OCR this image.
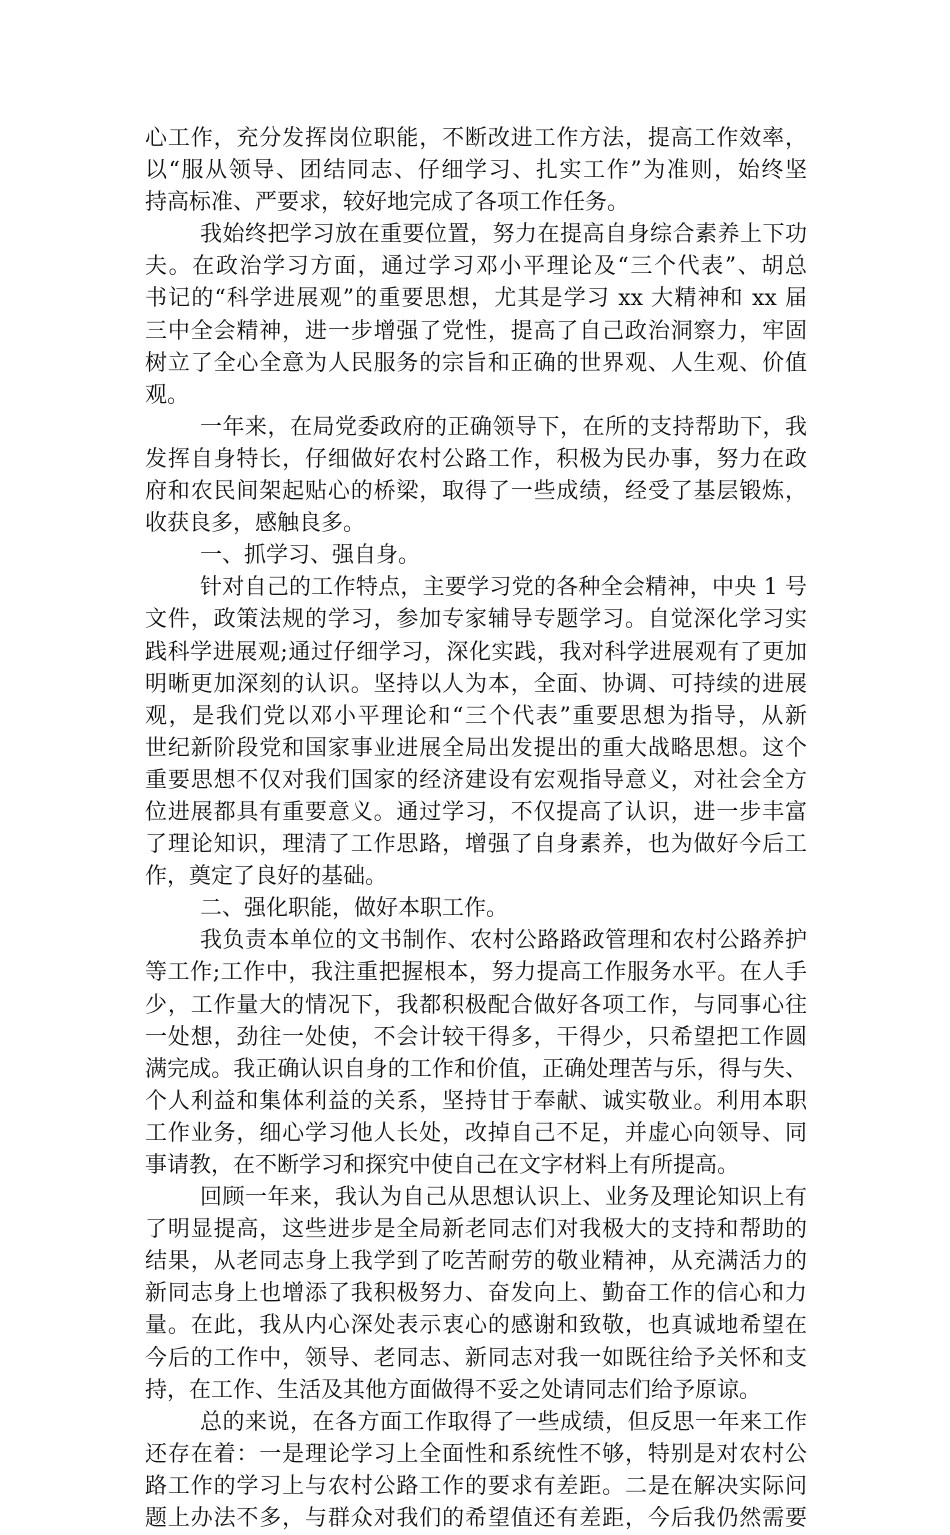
心工作，充分发挥岗位职能，不断改进工作方法，提高工作效率，
以“服从领导、团结同志、仔细学习、扎实工作”为准则，始终坚
持高标准、严要求，较好地完成了各项工作任务。
我始终把学习放在重要位置，努力在提高自身综合素养上下功
夫。在政治学习方面，通过学习邓小平理论及“三个代表”、胡总
书记的“科学进展观”的重要思想，尤其是学习 xx 大精神和 xx 届
三中全会精神，进一步增强了党性，提高了自己政治洞察力，牢固
树立了全心全意为人民服务的宗旨和正确的世界观、人生观、价值
观。
一年来，在局党委政府的正确领导下，在所的支持帮助下，我
发挥自身特长，仔细做好农村公路工作，积极为民办事，努力在政
府和农民间架起贴心的桥梁，取得了一些成绩，经受了基层锻炼，
收获良多，感触良多。
一、抓学习、强自身。
针对自己的工作特点，主要学习党的各种全会精神，中央 1 号
文件，政策法规的学习，参加专家辅导专题学习。自觉深化学习实
践科学进展观;通过仔细学习，深化实践，我对科学进展观有了更加
明晰更加深刻的认识。坚持以人为本，全面、协调、可持续的进展
观，是我们党以邓小平理论和“三个代表”重要思想为指导，从新
世纪新阶段党和国家事业进展全局出发提出的重大战略思想。这个
重要思想不仅对我们国家的经济建设有宏观指导意义，对社会全方
位进展都具有重要意义。通过学习，不仅提高了认识，进一步丰富
了理论知识，理清了工作思路，增强了自身素养，也为做好今后工
作，奠定了良好的基础。
二、强化职能，做好本职工作。
我负责本单位的文书制作、农村公路路政管理和农村公路养护
等工作;工作中，我注重把握根本，努力提高工作服务水平。在人手
少，工作量大的情况下，我都积极配合做好各项工作，与同事心往
一处想，劲往一处使，不会计较干得多，干得少，只希望把工作圆
满完成。我正确认识自身的工作和价值，正确处理苦与乐，得与失、
个人利益和集体利益的关系，坚持甘于奉献、诚实敬业。利用本职
工作业务，细心学习他人长处，改掉自己不足，并虚心向领导、同
事请教，在不断学习和探究中使自己在文字材料上有所提高。
回顾一年来，我认为自己从思想认识上、业务及理论知识上有
了明显提高，这些进步是全局新老同志们对我极大的支持和帮助的
结果，从老同志身上我学到了吃苦耐劳的敬业精神，从充满活力的
新同志身上也增添了我积极努力、奋发向上、勤奋工作的信心和力
量。在此，我从内心深处表示衷心的感谢和致敬，也真诚地希望在
今后的工作中，领导、老同志、新同志对我一如既往给予关怀和支
持，在工作、生活及其他方面做得不妥之处请同志们给予原谅。
总的来说，在各方面工作取得了一些成绩，但反思一年来工作
还存在着：一是理论学习上全面性和系统性不够，特别是对农村公
路工作的学习上与农村公路工作的要求有差距。二是在解决实际问
题上办法不多，与群众对我们的希望值还有差距，今后我仍然需要
